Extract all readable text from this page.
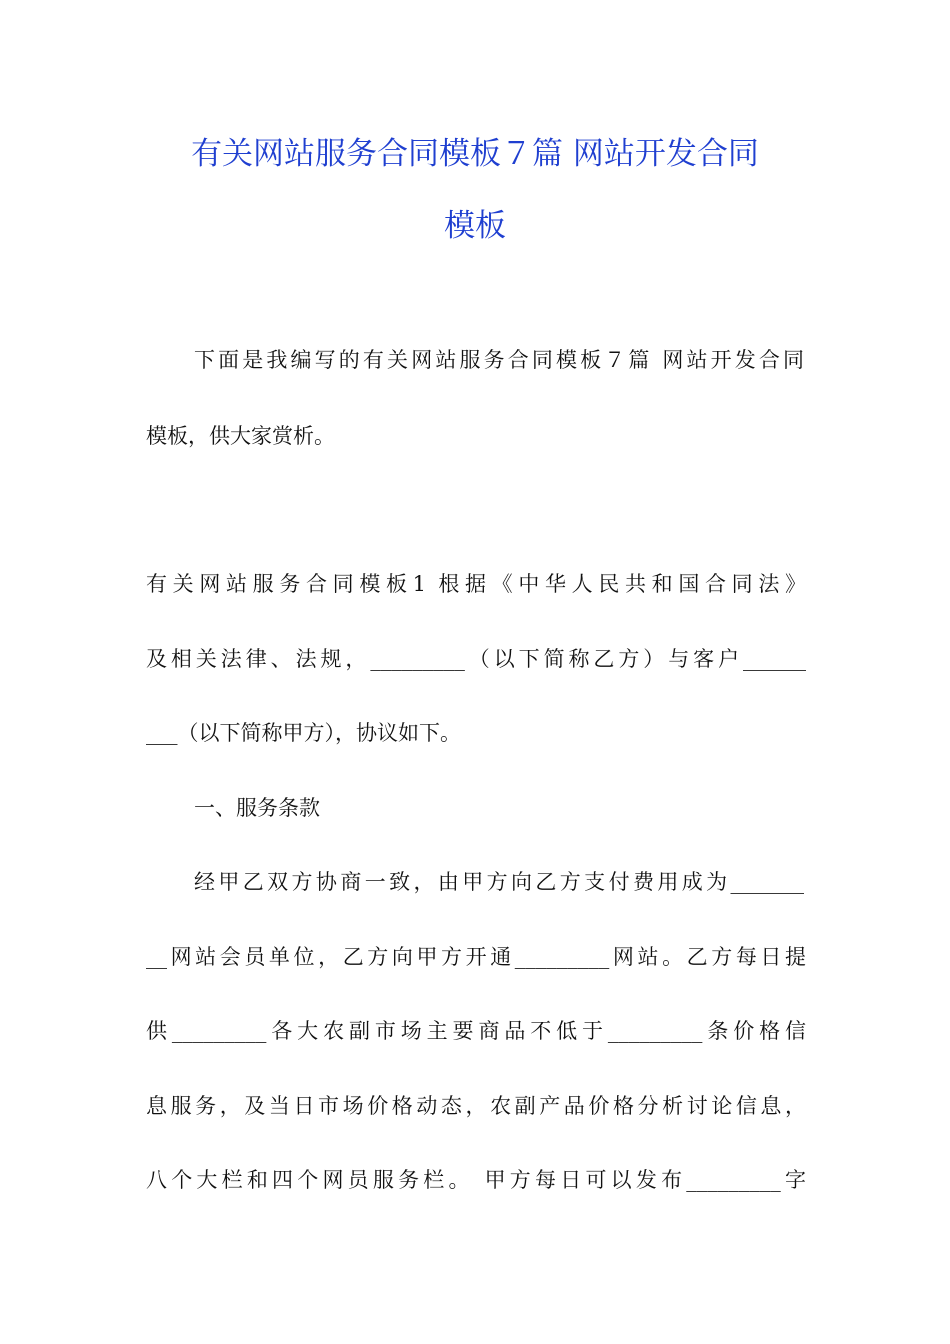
有关网站服务合同模板７篇 网站开发合同
模板

下面是我编写的有关网站服务合同模板７篇 网站开发合同

模板，供大家赏析。

有关网站服务合同模板1 根据《中华人民共和国合同法》

及相关法律、法规，_________（以下简称乙方）与客户______

___（以下简称甲方），协议如下。

一、服务条款

经甲乙双方协商一致，由甲方向乙方支付费用成为_______

__网站会员单位，乙方向甲方开通_________网站。乙方每日提

供_________各大农副市场主要商品不低于_________条价格信

息服务，及当日市场价格动态，农副产品价格分析讨论信息，

八个大栏和四个网员服务栏。 甲方每日可以发布_________字
